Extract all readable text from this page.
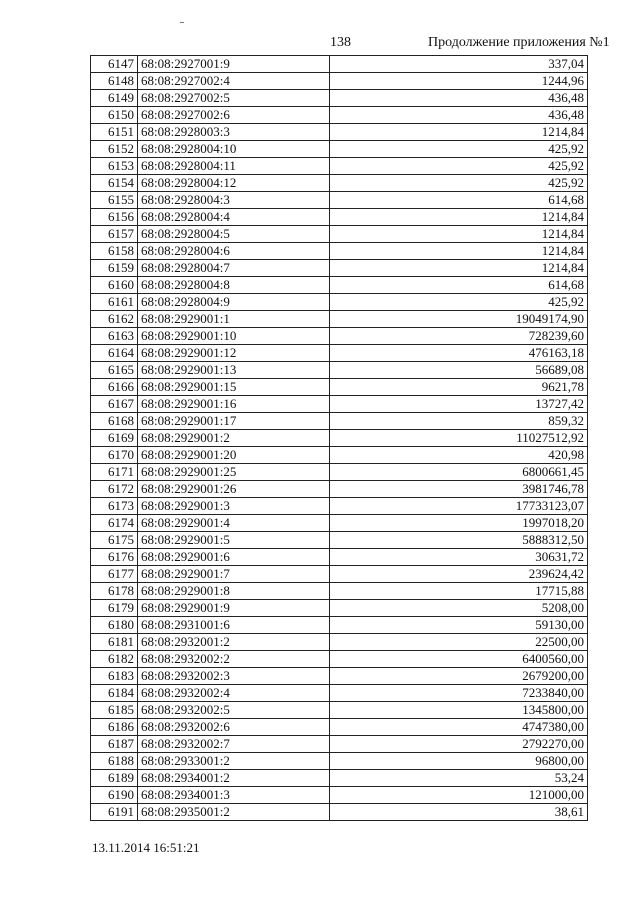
138	Продолжение приложения №1
6147	68:08:2927001:9	337,04
6148	68:08:2927002:4	1244,96
6149	68:08:2927002:5	436,48
6150	68:08:2927002:6	436,48
6151	68:08:2928003:3	1214,84
6152	68:08:2928004:10	425,92
6153	68:08:2928004:11	425,92
6154	68:08:2928004:12	425,92
6155	68:08:2928004:3	614,68
6156	68:08:2928004:4	1214,84
6157	68:08:2928004:5	1214,84
6158	68:08:2928004:6	1214,84
6159	68:08:2928004:7	1214,84
6160	68:08:2928004:8	614,68
6161	68:08:2928004:9	425,92
6162	68:08:2929001:1	19049174,90
6163	68:08:2929001:10	728239,60
6164	68:08:2929001:12	476163,18
6165	68:08:2929001:13	56689,08
6166	68:08:2929001:15	9621,78
6167	68:08:2929001:16	13727,42
6168	68:08:2929001:17	859,32
6169	68:08:2929001:2	11027512,92
6170	68:08:2929001:20	420,98
6171	68:08:2929001:25	6800661,45
6172	68:08:2929001:26	3981746,78
6173	68:08:2929001:3	17733123,07
6174	68:08:2929001:4	1997018,20
6175	68:08:2929001:5	5888312,50
6176	68:08:2929001:6	30631,72
6177	68:08:2929001:7	239624,42
6178	68:08:2929001:8	17715,88
6179	68:08:2929001:9	5208,00
6180	68:08:2931001:6	59130,00
6181	68:08:2932001:2	22500,00
6182	68:08:2932002:2	6400560,00
6183	68:08:2932002:3	2679200,00
6184	68:08:2932002:4	7233840,00
6185	68:08:2932002:5	1345800,00
6186	68:08:2932002:6	4747380,00
6187	68:08:2932002:7	2792270,00
6188	68:08:2933001:2	96800,00
6189	68:08:2934001:2	53,24
6190	68:08:2934001:3	121000,00
6191	68:08:2935001:2	38,61
13.11.2014 16:51:21
